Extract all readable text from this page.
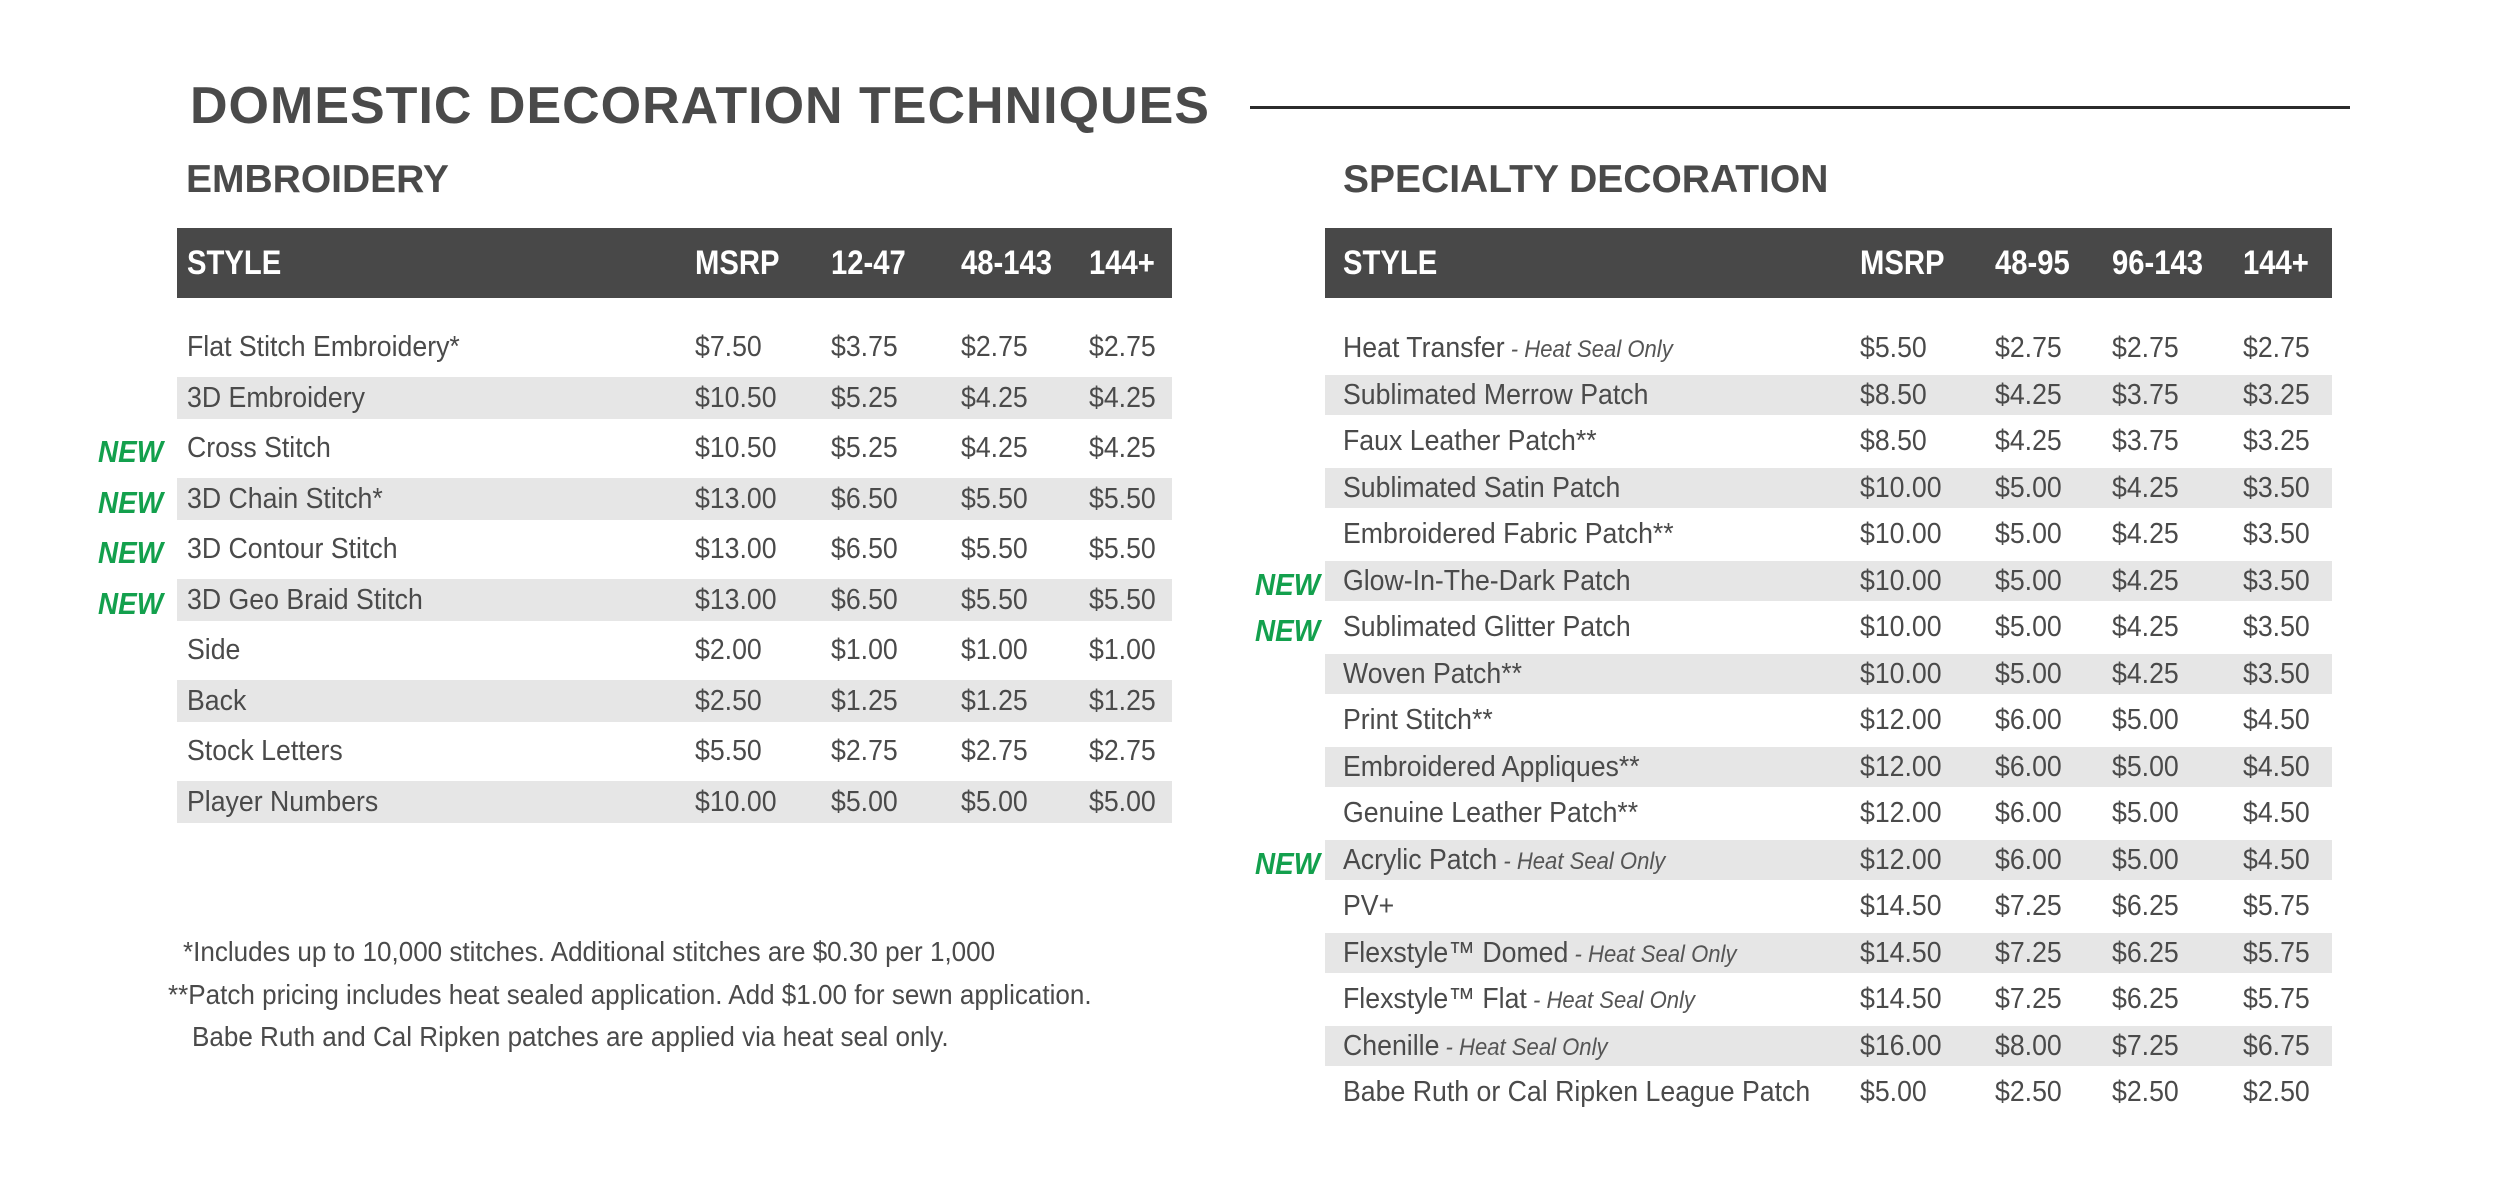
DOMESTIC DECORATION TECHNIQUES
EMBROIDERY	SPECIALTY DECORATION
STYLE	MSRP 12-47 48-143 144+
Flat Stitch Embroidery*	$7.50 $3.75 $2.75 $2.75
3D Embroidery	$10.50 $5.25 $4.25 $4.25
Cross Stitch	$10.50 $5.25 $4.25 $4.25
NEW
3D Chain Stitch*	$13.00 $6.50 $5.50 $5.50
NEW
3D Contour Stitch	$13.00 $6.50 $5.50 $5.50
NEW
3D Geo Braid Stitch	$13.00 $6.50 $5.50 $5.50
NEW
Side	$2.00 $1.00 $1.00 $1.00
Back	$2.50 $1.25 $1.25 $1.25
Stock Letters	$5.50 $2.75 $2.75 $2.75
Player Numbers	$10.00 $5.00 $5.00 $5.00
STYLE	MSRP 48-95 96-143 144+
Heat Transfer - Heat Seal Only	$5.50 $2.75 $2.75 $2.75
Sublimated Merrow Patch	$8.50 $4.25 $3.75 $3.25
Faux Leather Patch**	$8.50 $4.25 $3.75 $3.25
Sublimated Satin Patch	$10.00 $5.00 $4.25 $3.50
Embroidered Fabric Patch**	$10.00 $5.00 $4.25 $3.50
Glow-In-The-Dark Patch	$10.00 $5.00 $4.25 $3.50
NEW
Sublimated Glitter Patch	$10.00 $5.00 $4.25 $3.50
NEW
Woven Patch**	$10.00 $5.00 $4.25 $3.50
Print Stitch**	$12.00 $6.00 $5.00 $4.50
Embroidered Appliques**	$12.00 $6.00 $5.00 $4.50
Genuine Leather Patch**	$12.00 $6.00 $5.00 $4.50
Acrylic Patch - Heat Seal Only	$12.00 $6.00 $5.00 $4.50
NEW
PV+	$14.50 $7.25 $6.25 $5.75
Flexstyle™ Domed - Heat Seal Only	$14.50 $7.25 $6.25 $5.75
Flexstyle™ Flat - Heat Seal Only	$14.50 $7.25 $6.25 $5.75
Chenille - Heat Seal Only	$16.00 $8.00 $7.25 $6.75
Babe Ruth or Cal Ripken League Patch $5.00 $2.50 $2.50 $2.50
*Includes up to 10,000 stitches. Additional stitches are $0.30 per 1,000
**Patch pricing includes heat sealed application. Add $1.00 for sewn application.
Babe Ruth and Cal Ripken patches are applied via heat seal only.
